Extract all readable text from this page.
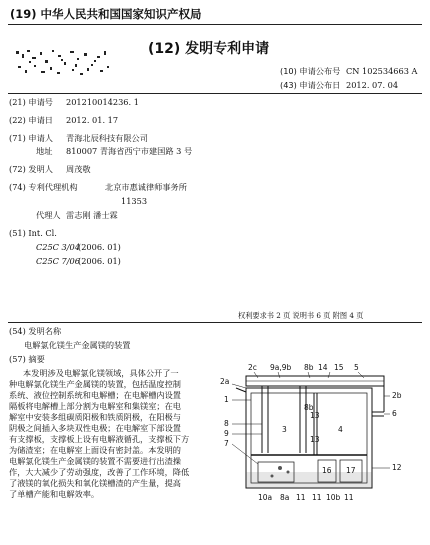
(19) 中华人民共和国国家知识产权局
(12) 发明专利申请
(10) 申请公布号 CN 102534663 A
(43) 申请公布日 2012. 07. 04
(21) 申请号 201210014236. 1
(22) 申请日 2012. 01. 17
(71) 申请人 青海北辰科技有限公司
地址 810007 青海省西宁市建国路 3 号
(72) 发明人 周茂敬
(74) 专利代理机构	北京市惠诚律师事务所
11353
代理人 雷志刚 潘士霖
(51) Int. Cl.
C25C 3/04
(2006. 01)
C25C 7/06
(2006. 01)
权利要求书 2 页 说明书 6 页 附图 4 页
(54) 发明名称
电解氯化镁生产金属镁的装置
(57) 摘要
本发明涉及电解氯化镁领域，具体公开了一
种电解氯化镁生产金属镁的装置，包括温度控制
系统、液位控制系统和电解槽；在电解槽内设置
隔板将电解槽上部分割为电解室和集镁室；在电
解室中安装多组碳质阳极和铁质阴极，在阳极与
阴极之间插入多块双性电极；在电解室下部设置
有支撑板，支撑板上设有电解液循孔，支撑板下方
为储渣室；在电解室上面设有密封盖。本发明的
电解氯化镁生产金属镁的装置不需要进行出渣操
作，大大减少了劳动强度，改善了工作环境，降低
了液镁的氧化损失和氧化镁槽渣的产生量，提高
了单槽产能和电解效率。
2c 9a,9b 8b 14 15 5
2a
1
8
9
7
2b
6
12
3	4
13
8b
13
16 17
10a 8a 11 11 10b 11
